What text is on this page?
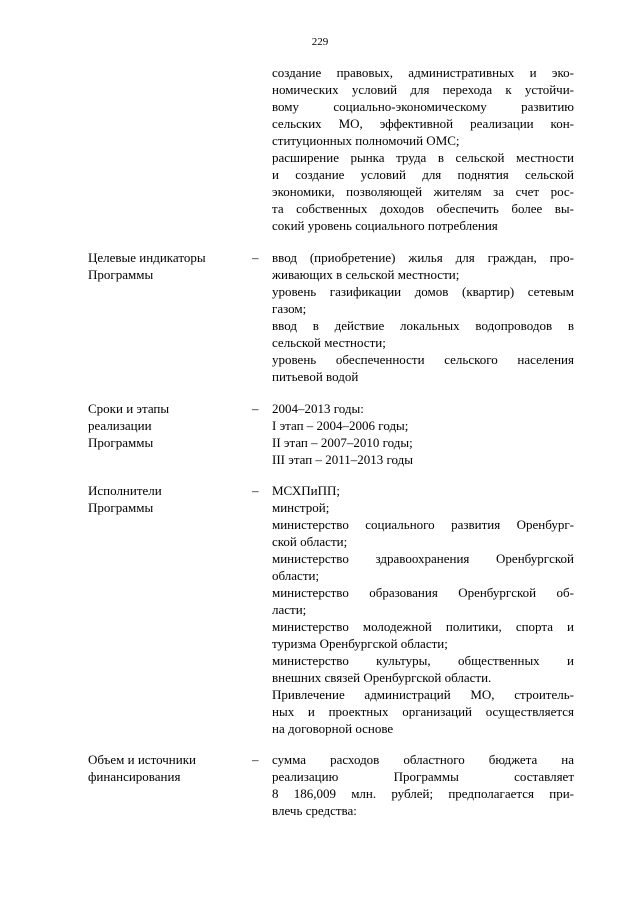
229
создание правовых, административных и эко-
номических условий для перехода к устойчи-
вому социально-экономическому развитию
сельских МО, эффективной реализации кон-
ституционных полномочий ОМС;
расширение рынка труда в сельской местности
и создание условий для поднятия сельской
экономики, позволяющей жителям за счет рос-
та собственных доходов обеспечить более вы-
сокий уровень социального потребления
Целевые индикаторы
Программы
–	ввод (приобретение) жилья для граждан, про-
живающих в сельской местности;
уровень газификации домов (квартир) сетевым
газом;
ввод в действие локальных водопроводов в
сельской местности;
уровень обеспеченности сельского населения
питьевой водой
Сроки и этапы
реализации
Программы
–	2004–2013 годы:
I этап – 2004–2006 годы;
II этап – 2007–2010 годы;
III этап – 2011–2013 годы
Исполнители
Программы
–	МСХПиПП;
минстрой;
министерство социального развития Оренбург-
ской области;
министерство здравоохранения Оренбургской
области;
министерство образования Оренбургской об-
ласти;
министерство молодежной политики, спорта и
туризма Оренбургской области;
министерство культуры, общественных и
внешних связей Оренбургской области.
Привлечение администраций МО, строитель-
ных и проектных организаций осуществляется
на договорной основе
Объем и источники
финансирования
–	сумма расходов областного бюджета на
реализацию Программы составляет
8 186,009 млн. рублей; предполагается при-
влечь средства:
